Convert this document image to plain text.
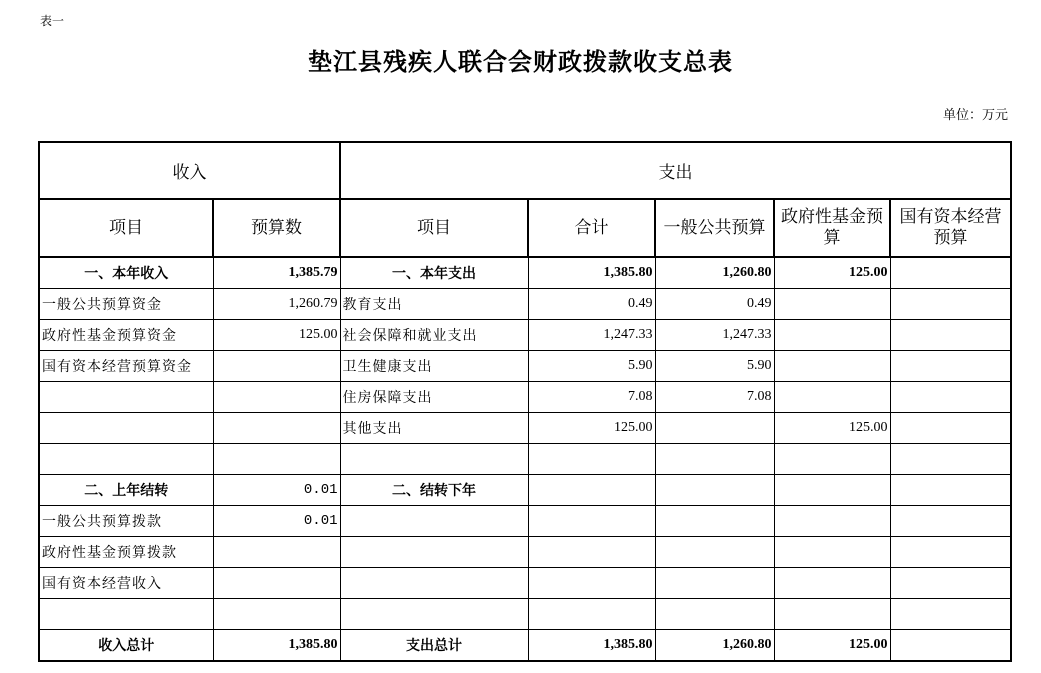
表一
垫江县残疾人联合会财政拨款收支总表
单位：万元
收入		支出				
项目	预算数	项目	合计	一般公共预算	政府性基金预算	国有资本经营预算
一、本年收入	1,385.79	一、本年支出	1,385.80	1,260.80	125.00	
一般公共预算资金	1,260.79	教育支出	0.49	0.49		
政府性基金预算资金	125.00	社会保障和就业支出	1,247.33	1,247.33		
国有资本经营预算资金		卫生健康支出	5.90	5.90		
		住房保障支出	7.08	7.08		
		其他支出	125.00		125.00	

二、上年结转	0.01	二、结转下年				
一般公共预算拨款	0.01					
政府性基金预算拨款						
国有资本经营收入						

收入总计	1,385.80	支出总计	1,385.80	1,260.80	125.00	
